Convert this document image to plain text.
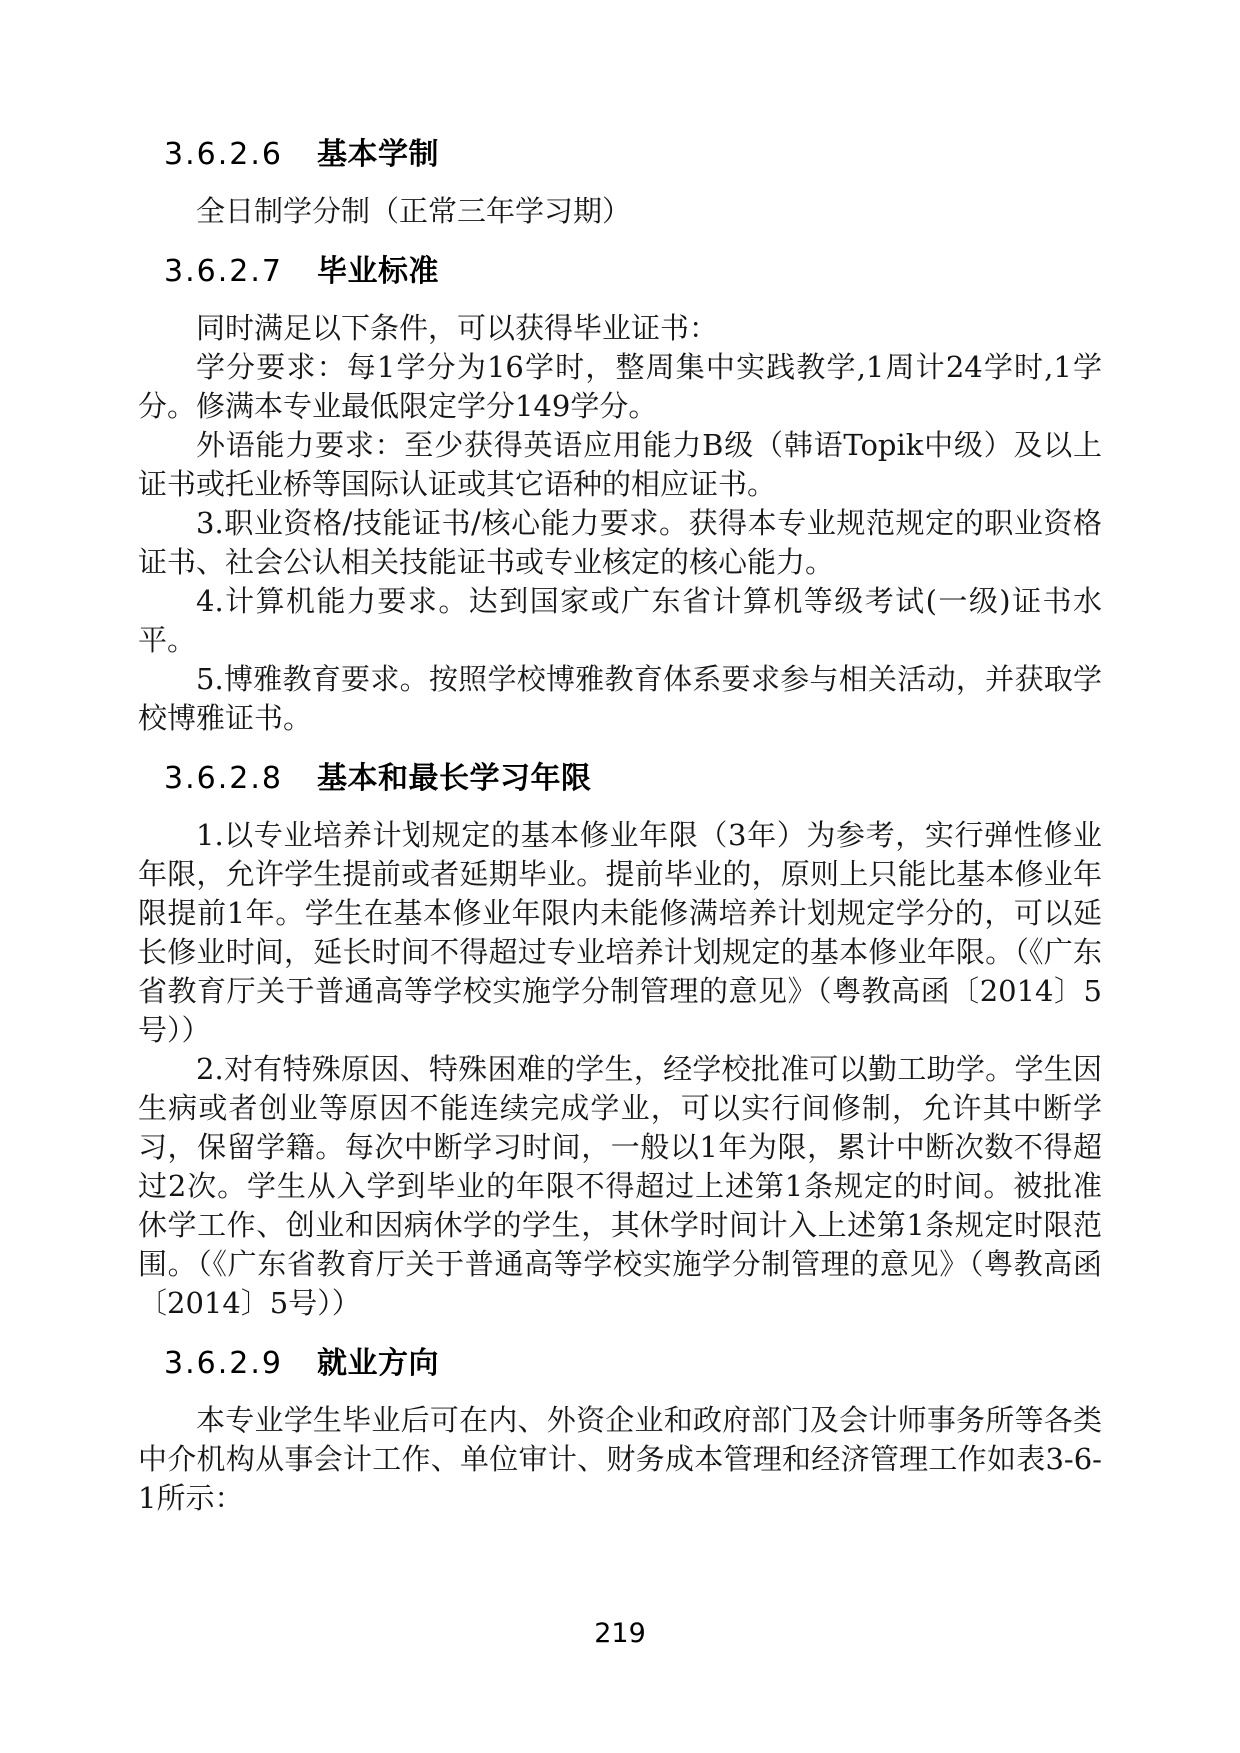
3.6.2.6 基本学制

全日制学分制（正常三年学习期）

3.6.2.7 毕业标准

同时满足以下条件，可以获得毕业证书：

学分要求：每1学分为16学时，整周集中实践教学,1周计24学时,1学分。修满本专业最低限定学分149学分。

外语能力要求：至少获得英语应用能力B级（韩语Topik中级）及以上证书或托业桥等国际认证或其它语种的相应证书。

3.职业资格/技能证书/核心能力要求。获得本专业规范规定的职业资格证书、社会公认相关技能证书或专业核定的核心能力。

4.计算机能力要求。达到国家或广东省计算机等级考试(一级)证书水平。

5.博雅教育要求。按照学校博雅教育体系要求参与相关活动，并获取学校博雅证书。

3.6.2.8 基本和最长学习年限

1.以专业培养计划规定的基本修业年限（3年）为参考，实行弹性修业年限，允许学生提前或者延期毕业。提前毕业的，原则上只能比基本修业年限提前1年。学生在基本修业年限内未能修满培养计划规定学分的，可以延长修业时间，延长时间不得超过专业培养计划规定的基本修业年限。（《广东省教育厅关于普通高等学校实施学分制管理的意见》（粤教高函〔2014〕5号））

2.对有特殊原因、特殊困难的学生，经学校批准可以勤工助学。学生因生病或者创业等原因不能连续完成学业，可以实行间修制，允许其中断学习，保留学籍。每次中断学习时间，一般以1年为限，累计中断次数不得超过2次。学生从入学到毕业的年限不得超过上述第1条规定的时间。被批准休学工作、创业和因病休学的学生，其休学时间计入上述第1条规定时限范围。（《广东省教育厅关于普通高等学校实施学分制管理的意见》（粤教高函〔2014〕5号））

3.6.2.9 就业方向

本专业学生毕业后可在内、外资企业和政府部门及会计师事务所等各类中介机构从事会计工作、单位审计、财务成本管理和经济管理工作如表3-6-1所示：

219
